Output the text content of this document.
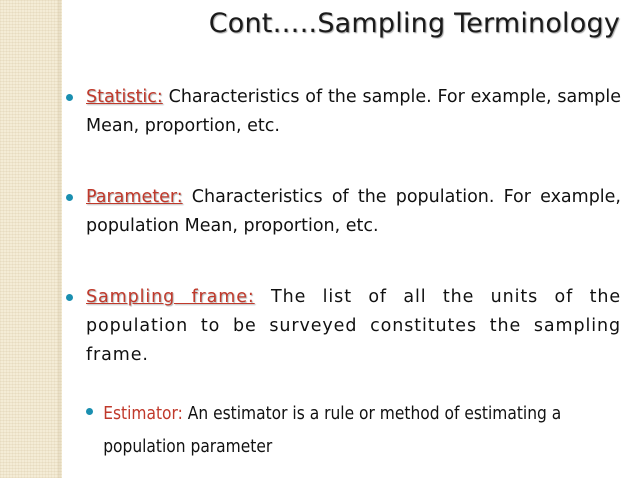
Cont…..Sampling Terminology

Statistic: Characteristics of the sample. For example, sample Mean, proportion, etc.

Parameter: Characteristics of the population. For example, population Mean, proportion, etc.

Sampling frame: The list of all the units of the population to be surveyed constitutes the sampling frame.

Estimator: An estimator is a rule or method of estimating a
population parameter
